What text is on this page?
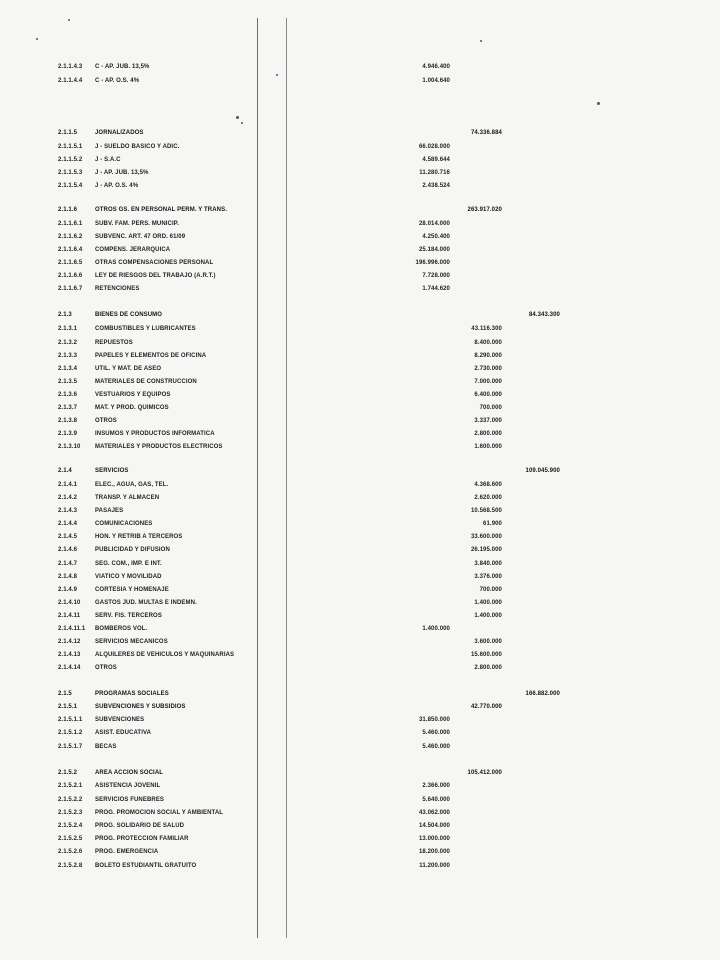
2.1.1.4.3 C - AP. JUB. 13,5%	4.946.400
2.1.1.4.4 C - AP. O.S. 4%	1.004.640
2.1.1.5	JORNALIZADOS	74.336.884
2.1.1.5.1 J - SUELDO BASICO Y ADIC.	66.028.000
2.1.1.5.2 J - S.A.C	4.589.644
2.1.1.5.3 J - AP. JUB. 13,5%	11.280.716
2.1.1.5.4 J - AP. O.S. 4%	2.438.524
2.1.1.6	OTROS GS. EN PERSONAL PERM. Y TRANS.	263.917.020
2.1.1.6.1 SUBV. FAM. PERS. MUNICIP.	28.014.000
2.1.1.6.2 SUBVENC. ART. 47 ORD. 61/09	4.250.400
2.1.1.6.4 COMPENS. JERARQUICA	25.184.000
2.1.1.6.5 OTRAS COMPENSACIONES PERSONAL	196.996.000
2.1.1.6.6 LEY DE RIESGOS DEL TRABAJO (A.R.T.)	7.728.000
2.1.1.6.7 RETENCIONES	1.744.620
2.1.3	BIENES DE CONSUMO	84.343.300
2.1.3.1	COMBUSTIBLES Y LUBRICANTES	43.116.300
2.1.3.2	REPUESTOS	8.400.000
2.1.3.3	PAPELES Y ELEMENTOS DE OFICINA	8.290.000
2.1.3.4	UTIL. Y MAT. DE ASEO	2.730.000
2.1.3.5	MATERIALES DE CONSTRUCCION	7.000.000
2.1.3.6	VESTUARIOS Y EQUIPOS	6.400.000
2.1.3.7	MAT. Y PROD. QUIMICOS	700.000
2.1.3.8	OTROS	3.337.000
2.1.3.9	INSUMOS Y PRODUCTOS INFORMATICA	2.800.000
2.1.3.10 MATERIALES Y PRODUCTOS ELECTRICOS	1.600.000
2.1.4	SERVICIOS	109.045.900
2.1.4.1	ELEC., AGUA, GAS, TEL.	4.368.600
2.1.4.2	TRANSP. Y ALMACEN	2.620.000
2.1.4.3	PASAJES	10.568.500
2.1.4.4	COMUNICACIONES	61.900
2.1.4.5	HON. Y RETRIB A TERCEROS	33.600.000
2.1.4.6	PUBLICIDAD Y DIFUSION	26.195.000
2.1.4.7	SEG. COM., IMP. E INT.	3.840.000
2.1.4.8	VIATICO Y MOVILIDAD	3.376.000
2.1.4.9	CORTESIA Y HOMENAJE	700.000
2.1.4.10 GASTOS JUD. MULTAS E INDEMN.	1.400.000
2.1.4.11 SERV. FIS. TERCEROS	1.400.000
2.1.4.11.1 BOMBEROS VOL.	1.400.000
2.1.4.12 SERVICIOS MECANICOS	3.600.000
2.1.4.13 ALQUILERES DE VEHICULOS Y MAQUINARIAS	15.600.000
2.1.4.14 OTROS	2.800.000
2.1.5	PROGRAMAS SOCIALES	166.882.000
2.1.5.1	SUBVENCIONES Y SUBSIDIOS	42.770.000
2.1.5.1.1 SUBVENCIONES	31.850.000
2.1.5.1.2 ASIST. EDUCATIVA	5.460.000
2.1.5.1.7 BECAS	5.460.000
2.1.5.2	AREA ACCION SOCIAL	105.412.000
2.1.5.2.1 ASISTENCIA JOVENIL	2.366.000
2.1.5.2.2 SERVICIOS FUNEBRES	5.640.000
2.1.5.2.3 PROG. PROMOCION SOCIAL Y AMBIENTAL	43.062.000
2.1.5.2.4 PROG. SOLIDARIO DE SALUD	14.504.000
2.1.5.2.5 PROG. PROTECCION FAMILIAR	13.000.000
2.1.5.2.6 PROG. EMERGENCIA	18.200.000
2.1.5.2.8 BOLETO ESTUDIANTIL GRATUITO	11.200.000
